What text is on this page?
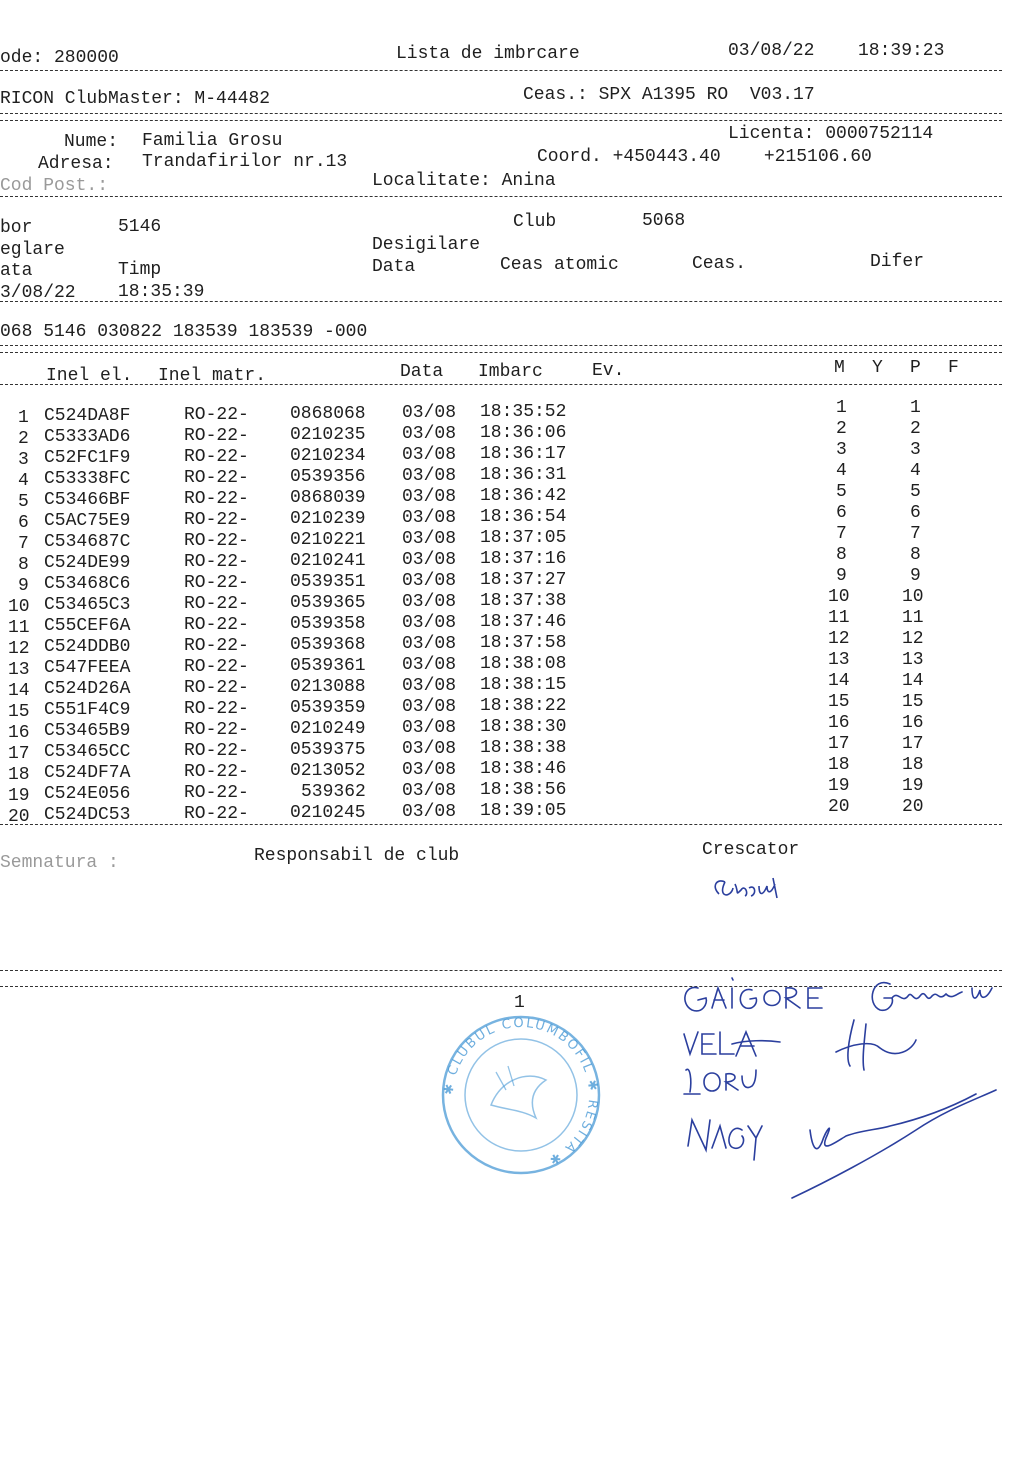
ode: 280000	Lista de imbrcare	03/08/22 18:39:23
RICON ClubMaster: M-44482	Ceas.: SPX A1395 RO  V03.17
Nume: Familia Grosu	Licenta: 0000752114
Adresa: Trandafirilor nr.13	Coord. +450443.40    +215106.60
Cod Post.:	Localitate: Anina
bor	5146	Club	5068
eglare	Desigilare
ata	Timp	Data	Ceas atomic	Ceas.	Difer
3/08/22 18:35:39
068 5146 030822 183539 183539 -000
Inel el. Inel matr.	Data Imbarc	Ev.	M Y P F
1 C524DA8F	RO-22- 0868068 03/08 18:35:52	1	1
2 C5333AD6	RO-22- 0210235 03/08 18:36:06	2	2
3 C52FC1F9	RO-22- 0210234 03/08 18:36:17	3	3
4 C53338FC	RO-22- 0539356 03/08 18:36:31	4	4
5 C53466BF	RO-22- 0868039 03/08 18:36:42	5	5
6 C5AC75E9	RO-22- 0210239 03/08 18:36:54	6	6
7 C534687C	RO-22- 0210221 03/08 18:37:05	7	7
8 C524DE99	RO-22- 0210241 03/08 18:37:16	8	8
9 C53468C6	RO-22- 0539351 03/08 18:37:27	9	9
10 C53465C3	RO-22- 0539365 03/08 18:37:38	10	10
11 C55CEF6A	RO-22- 0539358 03/08 18:37:46	11	11
12 C524DDB0	RO-22- 0539368 03/08 18:37:58	12	12
13 C547FEEA	RO-22- 0539361 03/08 18:38:08	13	13
14 C524D26A	RO-22- 0213088 03/08 18:38:15	14	14
15 C551F4C9	RO-22- 0539359 03/08 18:38:22	15	15
16 C53465B9	RO-22- 0210249 03/08 18:38:30	16	16
17 C53465CC	RO-22- 0539375 03/08 18:38:38	17	17
18 C524DF7A	RO-22- 0213052 03/08 18:38:46	18	18
19 C524E056	RO-22-	539362 03/08 18:38:56	19	19
20 C524DC53	RO-22- 0210245 03/08 18:39:05	20	20
Semnatura :	Responsabil de club	Crescator
1
✱ CLUBUL COLUMBOFIL ✱ RESITA ✱
